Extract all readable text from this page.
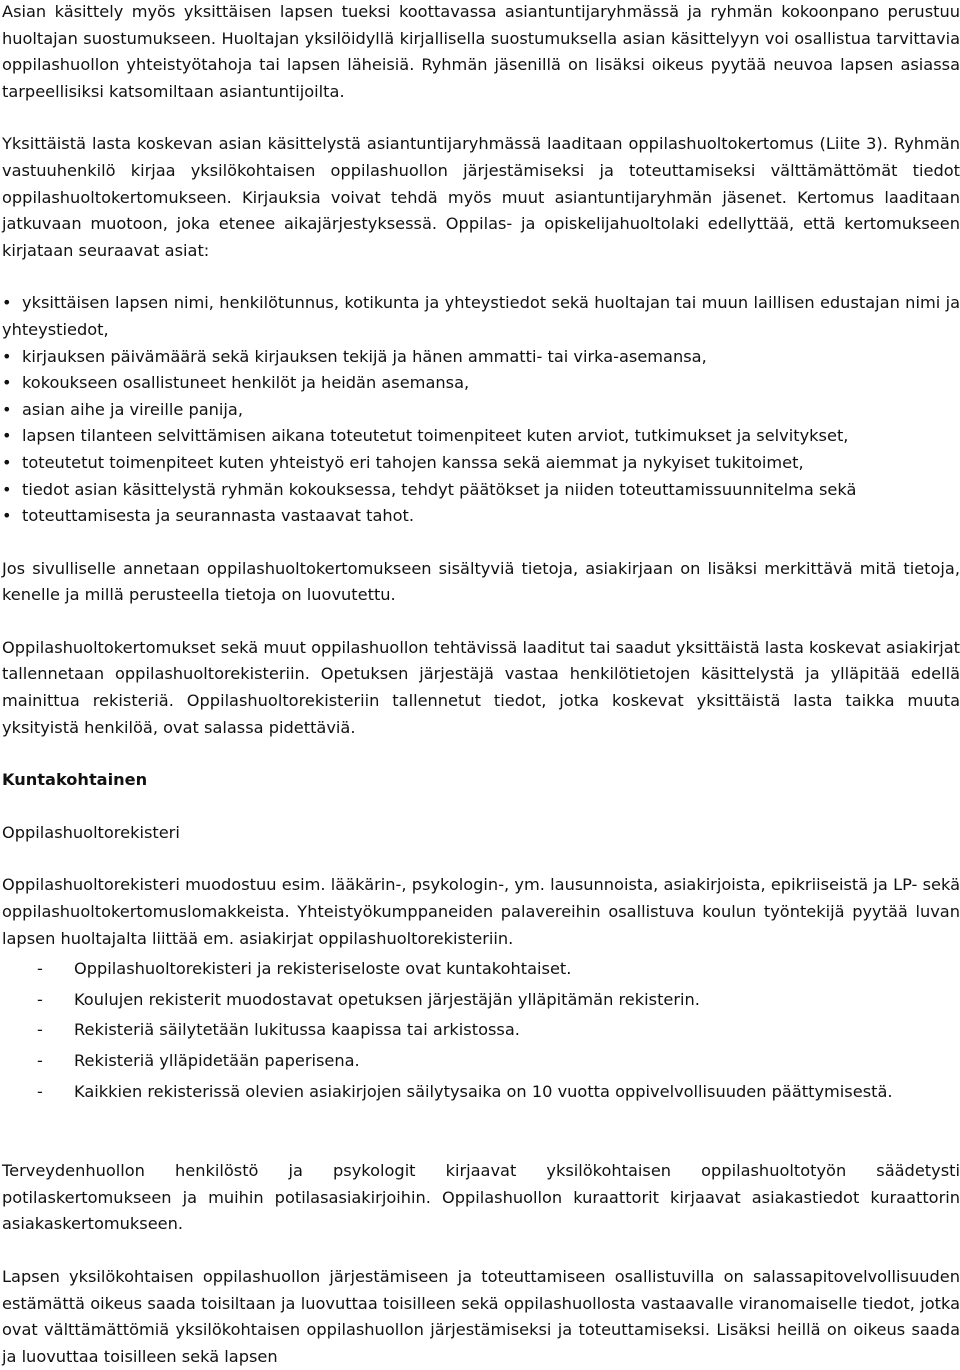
Asian käsittely myös yksittäisen lapsen tueksi koottavassa asiantuntijaryhmässä ja ryhmän kokoonpano perustuu huoltajan suostumukseen. Huoltajan yksilöidyllä kirjallisella suostumuksella asian käsittelyyn voi osallistua tarvittavia oppilashuollon yhteistyötahoja tai lapsen läheisiä. Ryhmän jäsenillä on lisäksi oikeus pyytää neuvoa lapsen asiassa tarpeellisiksi katsomiltaan asiantuntijoilta.

Yksittäistä lasta koskevan asian käsittelystä asiantuntijaryhmässä laaditaan oppilashuoltokertomus (Liite 3). Ryhmän vastuuhenkilö kirjaa yksilökohtaisen oppilashuollon järjestämiseksi ja toteuttamiseksi välttämättömät tiedot oppilashuoltokertomukseen. Kirjauksia voivat tehdä myös muut asiantuntijaryhmän jäsenet. Kertomus laaditaan jatkuvaan muotoon, joka etenee aikajärjestyksessä. Oppilas- ja opiskelijahuoltolaki edellyttää, että kertomukseen kirjataan seuraavat asiat:

• yksittäisen lapsen nimi, henkilötunnus, kotikunta ja yhteystiedot sekä huoltajan tai muun laillisen edustajan nimi ja yhteystiedot,
• kirjauksen päivämäärä sekä kirjauksen tekijä ja hänen ammatti- tai virka-asemansa,
• kokoukseen osallistuneet henkilöt ja heidän asemansa,
• asian aihe ja vireille panija,
• lapsen tilanteen selvittämisen aikana toteutetut toimenpiteet kuten arviot, tutkimukset ja selvitykset,
• toteutetut toimenpiteet kuten yhteistyö eri tahojen kanssa sekä aiemmat ja nykyiset tukitoimet,
• tiedot asian käsittelystä ryhmän kokouksessa, tehdyt päätökset ja niiden toteuttamissuunnitelma sekä
• toteuttamisesta ja seurannasta vastaavat tahot.

Jos sivulliselle annetaan oppilashuoltokertomukseen sisältyviä tietoja, asiakirjaan on lisäksi merkittävä mitä tietoja, kenelle ja millä perusteella tietoja on luovutettu.

Oppilashuoltokertomukset sekä muut oppilashuollon tehtävissä laaditut tai saadut yksittäistä lasta koskevat asiakirjat tallennetaan oppilashuoltorekisteriin. Opetuksen järjestäjä vastaa henkilötietojen käsittelystä ja ylläpitää edellä mainittua rekisteriä. Oppilashuoltorekisteriin tallennetut tiedot, jotka koskevat yksittäistä lasta taikka muuta yksityistä henkilöä, ovat salassa pidettäviä.

Kuntakohtainen

Oppilashuoltorekisteri

Oppilashuoltorekisteri muodostuu esim. lääkärin-, psykologin-, ym. lausunnoista, asiakirjoista, epikriiseistä ja LP- sekä oppilashuoltokertomuslomakkeista. Yhteistyökumppaneiden palavereihin osallistuva koulun työntekijä pyytää luvan lapsen huoltajalta liittää em. asiakirjat oppilashuoltorekisteriin.

- Oppilashuoltorekisteri ja rekisteriseloste ovat kuntakohtaiset.
- Koulujen rekisterit muodostavat opetuksen järjestäjän ylläpitämän rekisterin.
- Rekisteriä säilytetään lukitussa kaapissa tai arkistossa.
- Rekisteriä ylläpidetään paperisena.
- Kaikkien rekisterissä olevien asiakirjojen säilytysaika on 10 vuotta oppivelvollisuuden päättymisestä.

Terveydenhuollon henkilöstö ja psykologit kirjaavat yksilökohtaisen oppilashuoltotyön säädetysti potilaskertomukseen ja muihin potilasasiakirjoihin. Oppilashuollon kuraattorit kirjaavat asiakastiedot kuraattorin asiakaskertomukseen.

Lapsen yksilökohtaisen oppilashuollon järjestämiseen ja toteuttamiseen osallistuvilla on salassapitovelvollisuuden estämättä oikeus saada toisiltaan ja luovuttaa toisilleen sekä oppilashuollosta vastaavalle viranomaiselle tiedot, jotka ovat välttämättömiä yksilökohtaisen oppilashuollon järjestämiseksi ja toteuttamiseksi. Lisäksi heillä on oikeus saada ja luovuttaa toisilleen sekä lapsen
